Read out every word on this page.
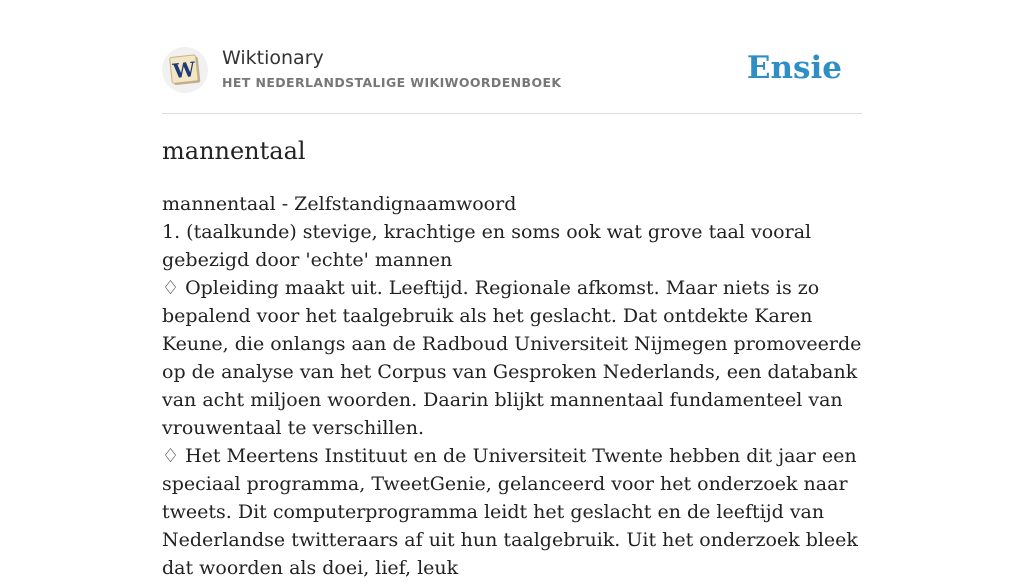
W Wiktionary
HET NEDERLANDSTALIGE WIKIWOORDENBOEK	Ensie
mannentaal

mannentaal - Zelfstandignaamwoord

1. (taalkunde) stevige, krachtige en soms ook wat grove taal vooral gebezigd door 'echte' mannen

♢ Opleiding maakt uit. Leeftijd. Regionale afkomst. Maar niets is zo bepalend voor het taalgebruik als het geslacht. Dat ontdekte Karen Keune, die onlangs aan de Radboud Universiteit Nijmegen promoveerde op de analyse van het Corpus van Gesproken Nederlands, een databank van acht miljoen woorden. Daarin blijkt mannentaal fundamenteel van vrouwentaal te verschillen.

♢ Het Meertens Instituut en de Universiteit Twente hebben dit jaar een speciaal programma, TweetGenie, gelanceerd voor het onderzoek naar tweets. Dit computerprogramma leidt het geslacht en de leeftijd van Nederlandse twitteraars af uit hun taalgebruik. Uit het onderzoek bleek dat woorden als doei, lief, leuk
